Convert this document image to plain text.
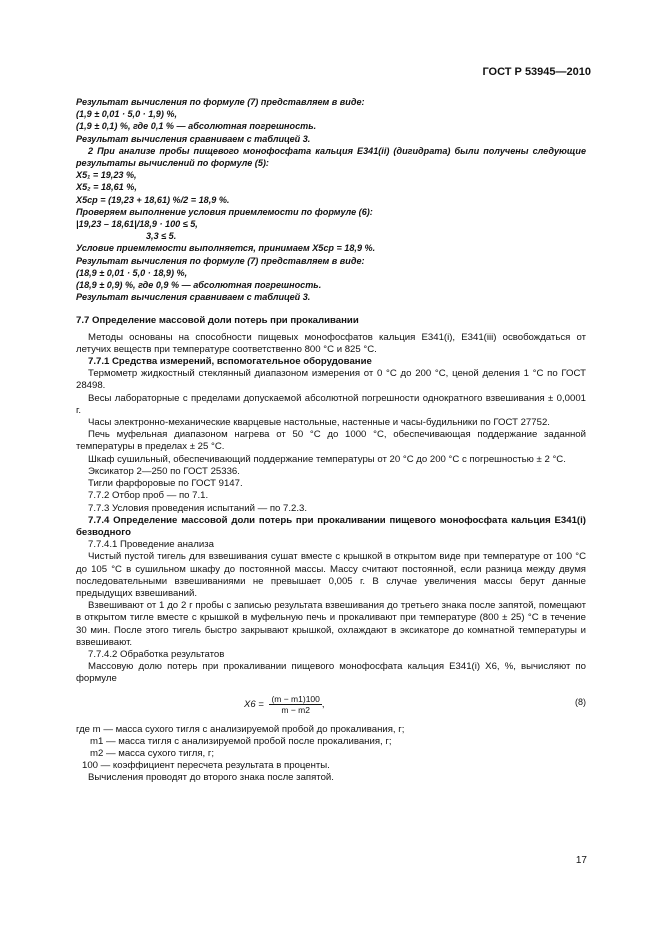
ГОСТ Р 53945—2010

Результат вычисления по формуле (7) представляем в виде:

(1,9 ± 0,01 · 5,0 · 1,9) %,

(1,9 ± 0,1) %, где 0,1 % — абсолютная погрешность.

Результат вычисления сравниваем с таблицей 3.

2 При анализе пробы пищевого монофосфата кальция Е341(ii) (дигидрата) были получены следующие результаты вычислений по формуле (5):

X5₁ = 19,23 %,

X5₂ = 18,61 %,

X5ср = (19,23 + 18,61) %/2 = 18,9 %.

Проверяем выполнение условия приемлемости по формуле (6):

|19,23 – 18,61|/18,9 · 100 ≤ 5,

3,3 ≤ 5.

Условие приемлемости выполняется, принимаем X5ср = 18,9 %.

Результат вычисления по формуле (7) представляем в виде:

(18,9 ± 0,01 · 5,0 · 18,9) %,

(18,9 ± 0,9) %, где 0,9 % — абсолютная погрешность.

Результат вычисления сравниваем с таблицей 3.

7.7 Определение массовой доли потерь при прокаливании

Методы основаны на способности пищевых монофосфатов кальция Е341(i), Е341(iii) освобождаться от летучих веществ при температуре соответственно 800 °С и 825 °С.

7.7.1 Средства измерений, вспомогательное оборудование

Термометр жидкостный стеклянный диапазоном измерения от 0 °С до 200 °С, ценой деления 1 °С по ГОСТ 28498.

Весы лабораторные с пределами допускаемой абсолютной погрешности однократного взвешивания ± 0,0001 г.

Часы электронно-механические кварцевые настольные, настенные и часы-будильники по ГОСТ 27752.

Печь муфельная диапазоном нагрева от 50 °С до 1000 °С, обеспечивающая поддержание заданной температуры в пределах ± 25 °С.

Шкаф сушильный, обеспечивающий поддержание температуры от 20 °С до 200 °С с погрешностью ± 2 °С.

Эксикатор 2—250 по ГОСТ 25336.

Тигли фарфоровые по ГОСТ 9147.

7.7.2 Отбор проб — по 7.1.

7.7.3 Условия проведения испытаний — по 7.2.3.

7.7.4 Определение массовой доли потерь при прокаливании пищевого монофосфата кальция Е341(i) безводного

7.7.4.1 Проведение анализа

Чистый пустой тигель для взвешивания сушат вместе с крышкой в открытом виде при температуре от 100 °С до 105 °С в сушильном шкафу до постоянной массы. Массу считают постоянной, если разница между двумя последовательными взвешиваниями не превышает 0,005 г. В случае увеличения массы берут данные предыдущих взвешиваний.

Взвешивают от 1 до 2 г пробы с записью результата взвешивания до третьего знака после запятой, помещают в открытом тигле вместе с крышкой в муфельную печь и прокаливают при температуре (800 ± 25) °С в течение 30 мин. После этого тигель быстро закрывают крышкой, охлаждают в эксикаторе до комнатной температуры и взвешивают.

7.7.4.2 Обработка результатов

Массовую долю потерь при прокаливании пищевого монофосфата кальция Е341(i) X6, %, вычисляют по формуле

$X6 = \frac{(m - m1)100}{m - m2}$ ,	(8)

где m — масса сухого тигля с анализируемой пробой до прокаливания, г;

m1 — масса тигля с анализируемой пробой после прокаливания, г;

m2 — масса сухого тигля, г;

100 — коэффициент пересчета результата в проценты.

Вычисления проводят до второго знака после запятой.

17
